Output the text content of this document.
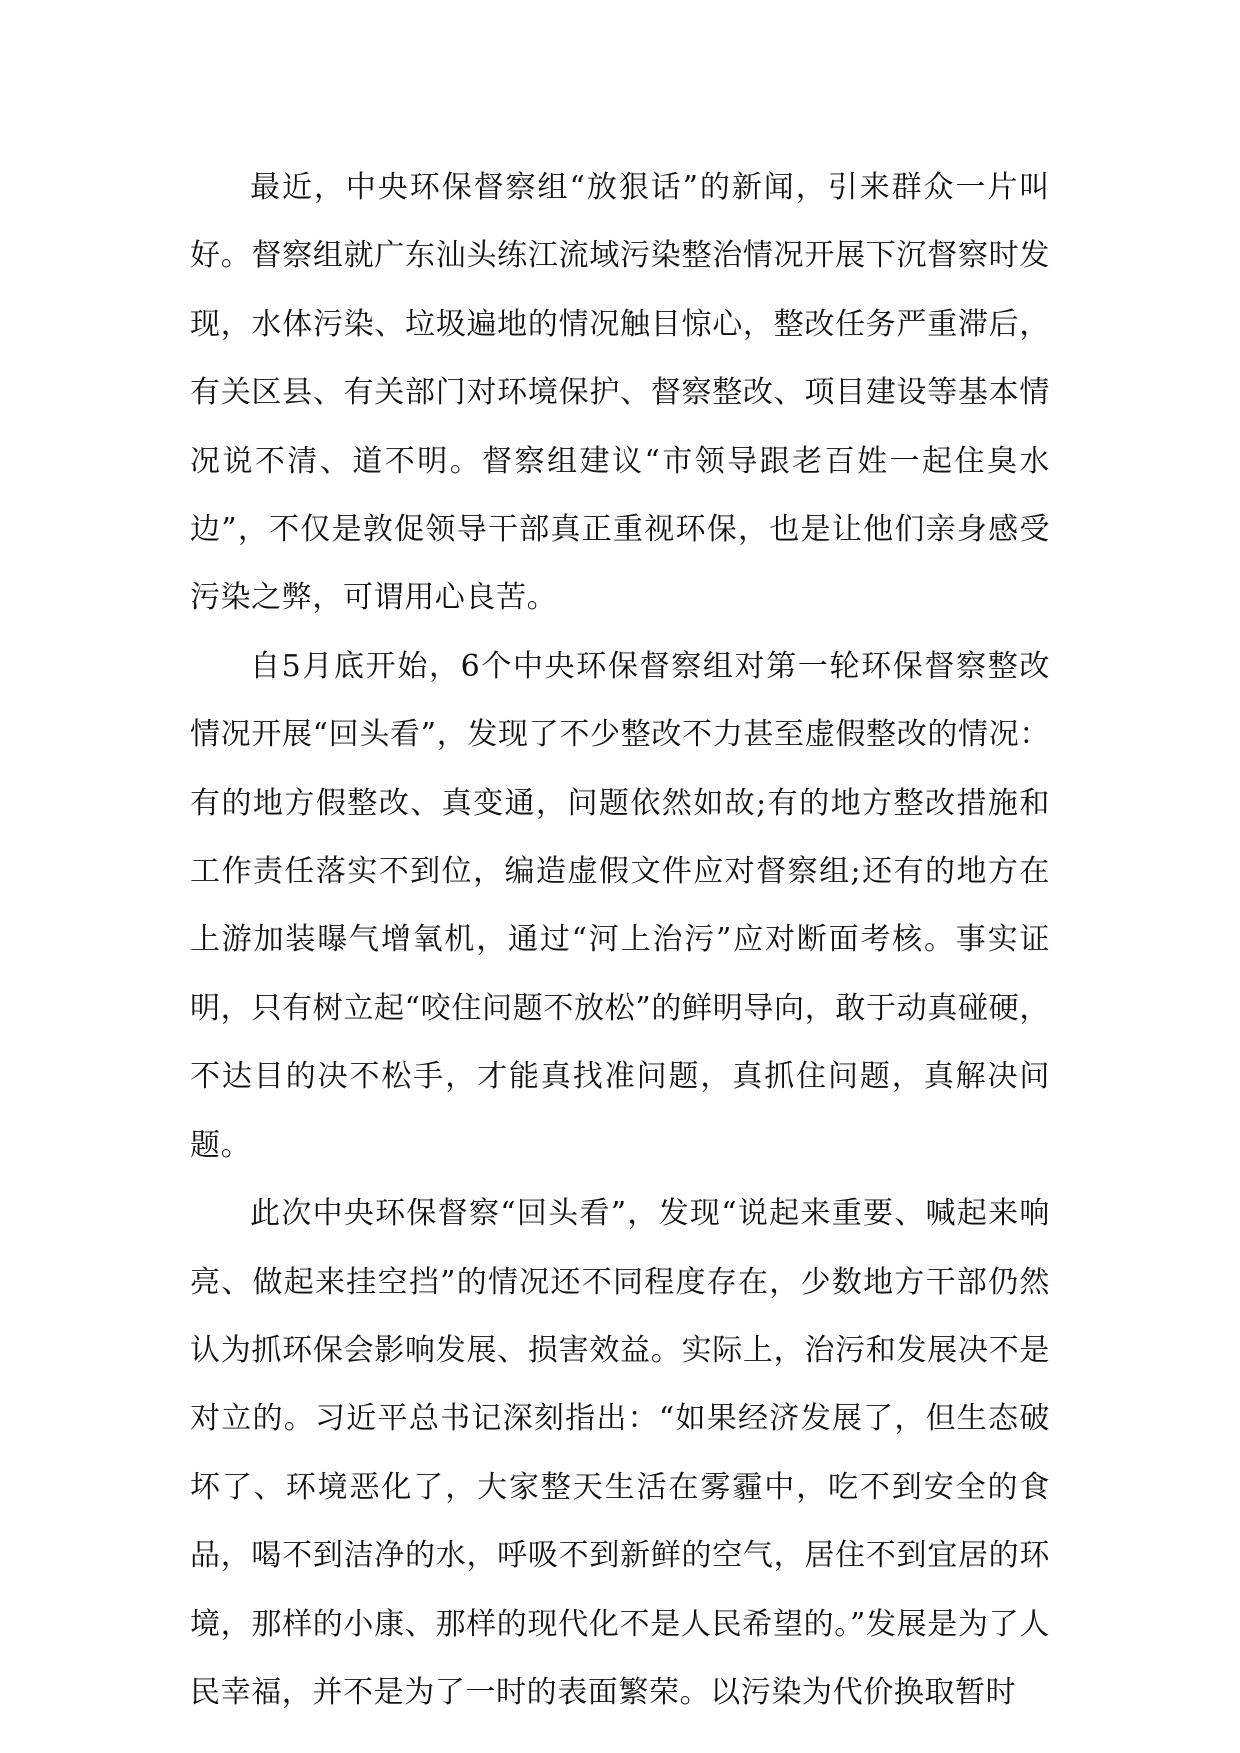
最近，中央环保督察组“放狠话”的新闻，引来群众一片叫好。督察组就广东汕头练江流域污染整治情况开展下沉督察时发现，水体污染、垃圾遍地的情况触目惊心，整改任务严重滞后，有关区县、有关部门对环境保护、督察整改、项目建设等基本情况说不清、道不明。督察组建议“市领导跟老百姓一起住臭水边”，不仅是敦促领导干部真正重视环保，也是让他们亲身感受污染之弊，可谓用心良苦。

自5月底开始，6个中央环保督察组对第一轮环保督察整改情况开展“回头看”，发现了不少整改不力甚至虚假整改的情况：有的地方假整改、真变通，问题依然如故;有的地方整改措施和工作责任落实不到位，编造虚假文件应对督察组;还有的地方在上游加装曝气增氧机，通过“河上治污”应对断面考核。事实证明，只有树立起“咬住问题不放松”的鲜明导向，敢于动真碰硬，不达目的决不松手，才能真找准问题，真抓住问题，真解决问题。

此次中央环保督察“回头看”，发现“说起来重要、喊起来响亮、做起来挂空挡”的情况还不同程度存在，少数地方干部仍然认为抓环保会影响发展、损害效益。实际上，治污和发展决不是对立的。习近平总书记深刻指出：“如果经济发展了，但生态破坏了、环境恶化了，大家整天生活在雾霾中，吃不到安全的食品，喝不到洁净的水，呼吸不到新鲜的空气，居住不到宜居的环境，那样的小康、那样的现代化不是人民希望的。”发展是为了人民幸福，并不是为了一时的表面繁荣。以污染为代价换取暂时
